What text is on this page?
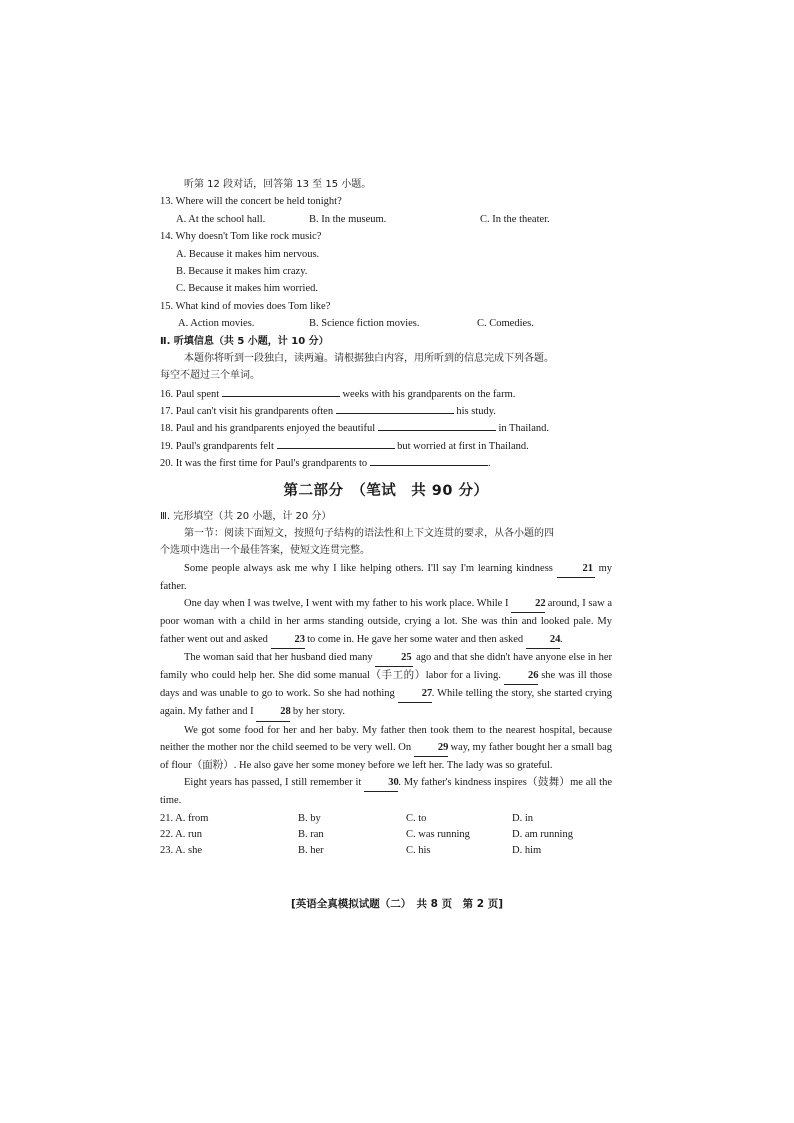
听第 12 段对话，回答第 13 至 15 小题。
13. Where will the concert be held tonight?
A. At the school hall.	B. In the museum.	C. In the theater.
14. Why doesn't Tom like rock music?
A. Because it makes him nervous.
B. Because it makes him crazy.
C. Because it makes him worried.
15. What kind of movies does Tom like?
A. Action movies.	B. Science fiction movies.	C. Comedies.
Ⅱ. 听填信息（共 5 小题，计 10 分）
本题你将听到一段独白，读两遍。请根据独白内容，用所听到的信息完成下列各题。
每空不超过三个单词。
16. Paul spent	weeks with his grandparents on the farm.
17. Paul can't visit his grandparents often	his study.
18. Paul and his grandparents enjoyed the beautiful	in Thailand.
19. Paul's grandparents felt	but worried at first in Thailand.
20. It was the first time for Paul's grandparents to	.
第二部分　（笔试　共 90 分）
Ⅲ. 完形填空（共 20 小题，计 20 分）
第一节：阅读下面短文，按照句子结构的语法性和上下文连贯的要求，从各小题的四
个选项中选出一个最佳答案，使短文连贯完整。
Some people always ask me why I like helping others. I'll say I'm learning kindness	21 my father.
One day when I was twelve, I went with my father to his work place. While I 22 around, I saw a poor woman with a child in her arms standing outside, crying a lot. She was thin and looked pale. My father went out and asked 23 to come in. He gave her some water and then asked 24.
The woman said that her husband died many 25 ago and that she didn't have anyone else in her family who could help her. She did some manual（手工的）labor for a living. 26 she was ill those days and was unable to go to work. So she had nothing 27. While telling the story, she started crying again. My father and I 28 by her story.
We got some food for her and her baby. My father then took them to the nearest hospital, because neither the mother nor the child seemed to be very well. On 29 way, my father bought her a small bag of flour（面粉）. He also gave her some money before we left her. The lady was so grateful.
Eight years has passed, I still remember it 30. My father's kindness inspires（鼓舞）me all the time.
21. A. from	B. by	C. to	D. in
22. A. run	B. ran	C. was running	D. am running
23. A. she	B. her	C. his	D. him
[英语全真模拟试题（二）　共 8 页　第 2 页]
